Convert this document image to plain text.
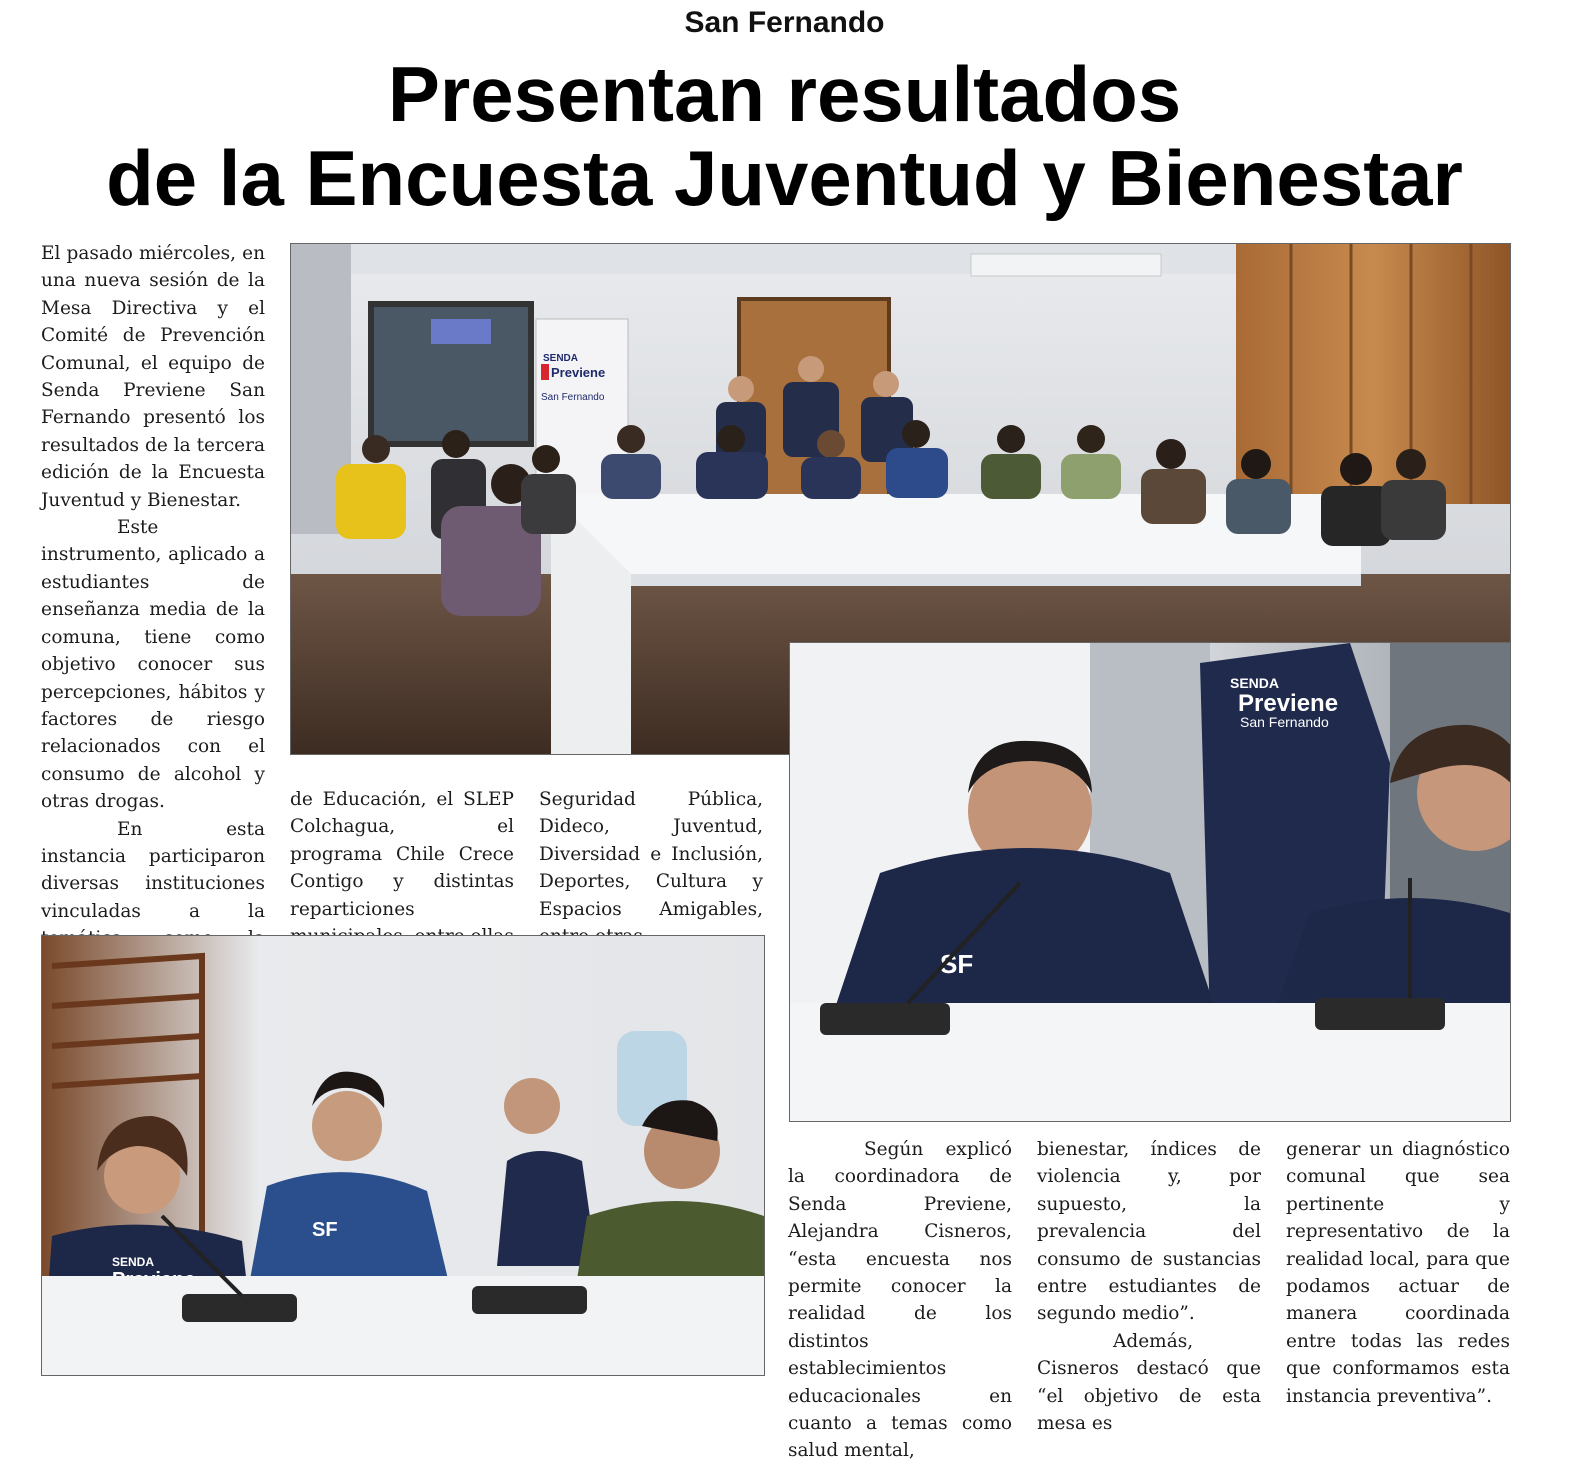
San Fernando
Presentan resultados
de la Encuesta Juventud y Bienestar

El pasado miércoles, en una nueva sesión de la Mesa Directiva y el Comité de Prevención Comunal, el equipo de Senda Previene San Fernando presentó los resultados de la tercera edición de la Encuesta Juventud y Bienestar.

Este instrumento, aplicado a estudiantes de enseñanza media de la comuna, tiene como objetivo conocer sus percepciones, hábitos y factores de riesgo relacionados con el consumo de alcohol y otras drogas.

En esta instancia participaron diversas instituciones vinculadas a la

SENDA
Previene
San Fernando

de Educación, el SLEP Colchagua, el programa Chile Crece Contigo y distintas reparticiones

Seguridad Pública, Dideco, Juventud, Diversidad e Inclusión, Deportes, Cultura y Espacios Amigables,

SENDA
Previene
San Fernando
SF
SF
SENDA

Según explicó la coordinadora de Senda Previene, Alejandra Cisneros, “esta encuesta nos permite conocer la realidad de los distintos establecimientos educacionales en cuanto a temas como salud mental,

bienestar, índices de violencia y, por supuesto, la prevalencia del consumo de sustancias entre estudiantes de segundo medio”.

Además, Cisneros destacó que “el objetivo de esta mesa es

generar un diagnóstico comunal que sea pertinente y representativo de la realidad local, para que podamos actuar de manera coordinada entre todas las redes que conformamos esta instancia preventiva”.
